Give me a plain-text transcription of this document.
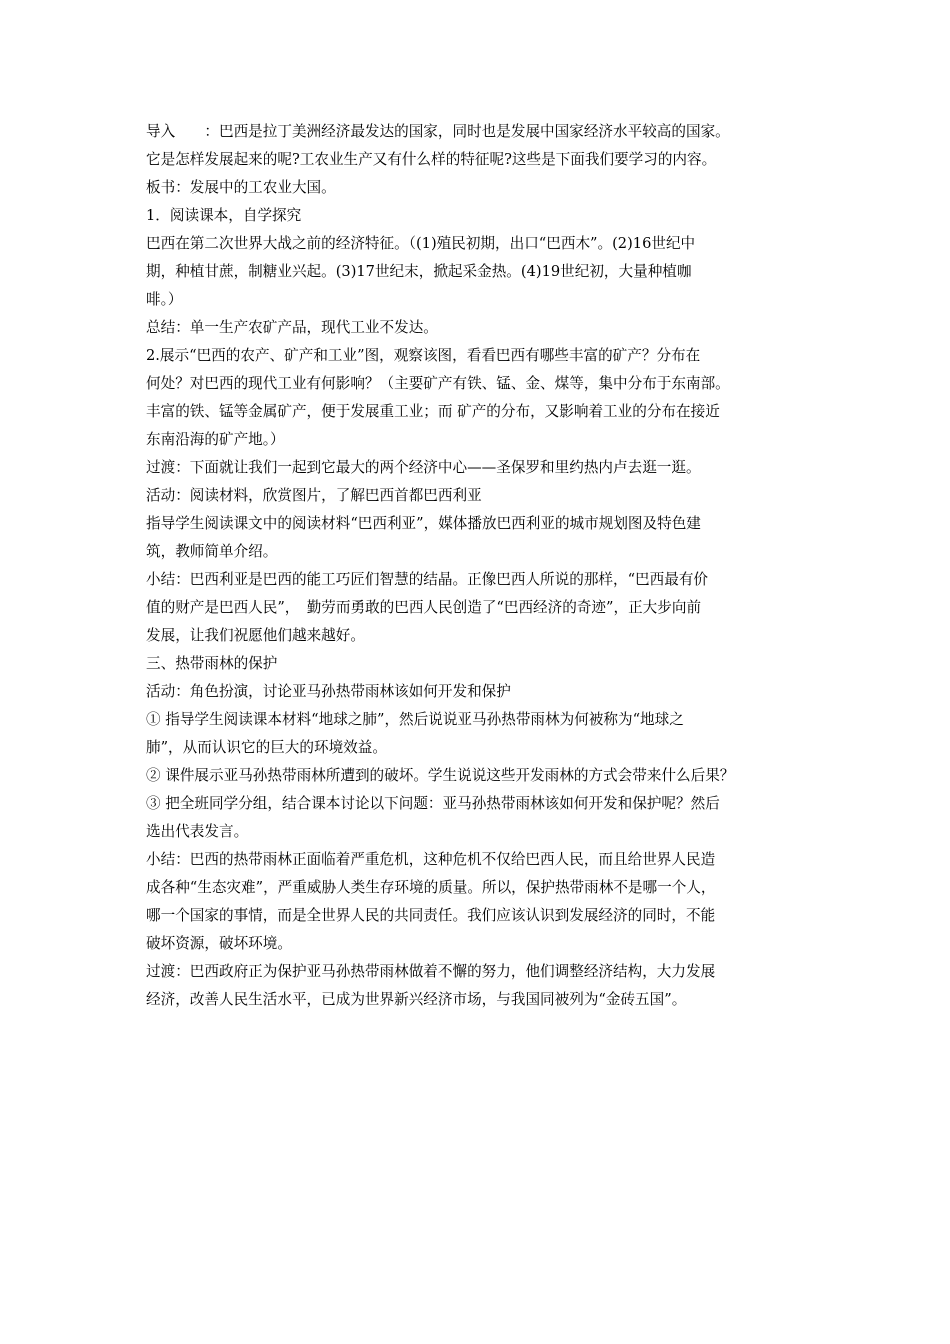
导入　　：巴西是拉丁美洲经济最发达的国家，同时也是发展中国家经济水平较高的国家。
它是怎样发展起来的呢?工农业生产又有什么样的特征呢?这些是下面我们要学习的内容。
板书：发展中的工农业大国。
1．阅读课本，自学探究
巴西在第二次世界大战之前的经济特征。（(1)殖民初期，出口“巴西木”。(2)16世纪中
期，种植甘蔗，制糖业兴起。(3)17世纪末，掀起采金热。(4)19世纪初，大量种植咖
啡。）
总结：单一生产农矿产品，现代工业不发达。
2.展示“巴西的农产、矿产和工业”图，观察该图，看看巴西有哪些丰富的矿产？分布在
何处？对巴西的现代工业有何影响？（主要矿产有铁、锰、金、煤等，集中分布于东南部。
丰富的铁、锰等金属矿产，便于发展重工业；而 矿产的分布，又影响着工业的分布在接近
东南沿海的矿产地。）
过渡：下面就让我们一起到它最大的两个经济中心——圣保罗和里约热内卢去逛一逛。
活动：阅读材料，欣赏图片，了解巴西首都巴西利亚
指导学生阅读课文中的阅读材料“巴西利亚”，媒体播放巴西利亚的城市规划图及特色建
筑，教师简单介绍。
小结：巴西利亚是巴西的能工巧匠们智慧的结晶。正像巴西人所说的那样，“巴西最有价
值的财产是巴西人民”，　勤劳而勇敢的巴西人民创造了“巴西经济的奇迹”，正大步向前
发展，让我们祝愿他们越来越好。
三、热带雨林的保护
活动：角色扮演，讨论亚马孙热带雨林该如何开发和保护
① 指导学生阅读课本材料“地球之肺”，然后说说亚马孙热带雨林为何被称为“地球之
肺”，从而认识它的巨大的环境效益。
② 课件展示亚马孙热带雨林所遭到的破坏。学生说说这些开发雨林的方式会带来什么后果？
③ 把全班同学分组，结合课本讨论以下问题：亚马孙热带雨林该如何开发和保护呢？然后
选出代表发言。
小结：巴西的热带雨林正面临着严重危机，这种危机不仅给巴西人民，而且给世界人民造
成各种“生态灾难”，严重威胁人类生存环境的质量。所以，保护热带雨林不是哪一个人，
哪一个国家的事情，而是全世界人民的共同责任。我们应该认识到发展经济的同时，不能
破坏资源，破坏环境。
过渡：巴西政府正为保护亚马孙热带雨林做着不懈的努力，他们调整经济结构，大力发展
经济，改善人民生活水平，已成为世界新兴经济市场，与我国同被列为“金砖五国”。
